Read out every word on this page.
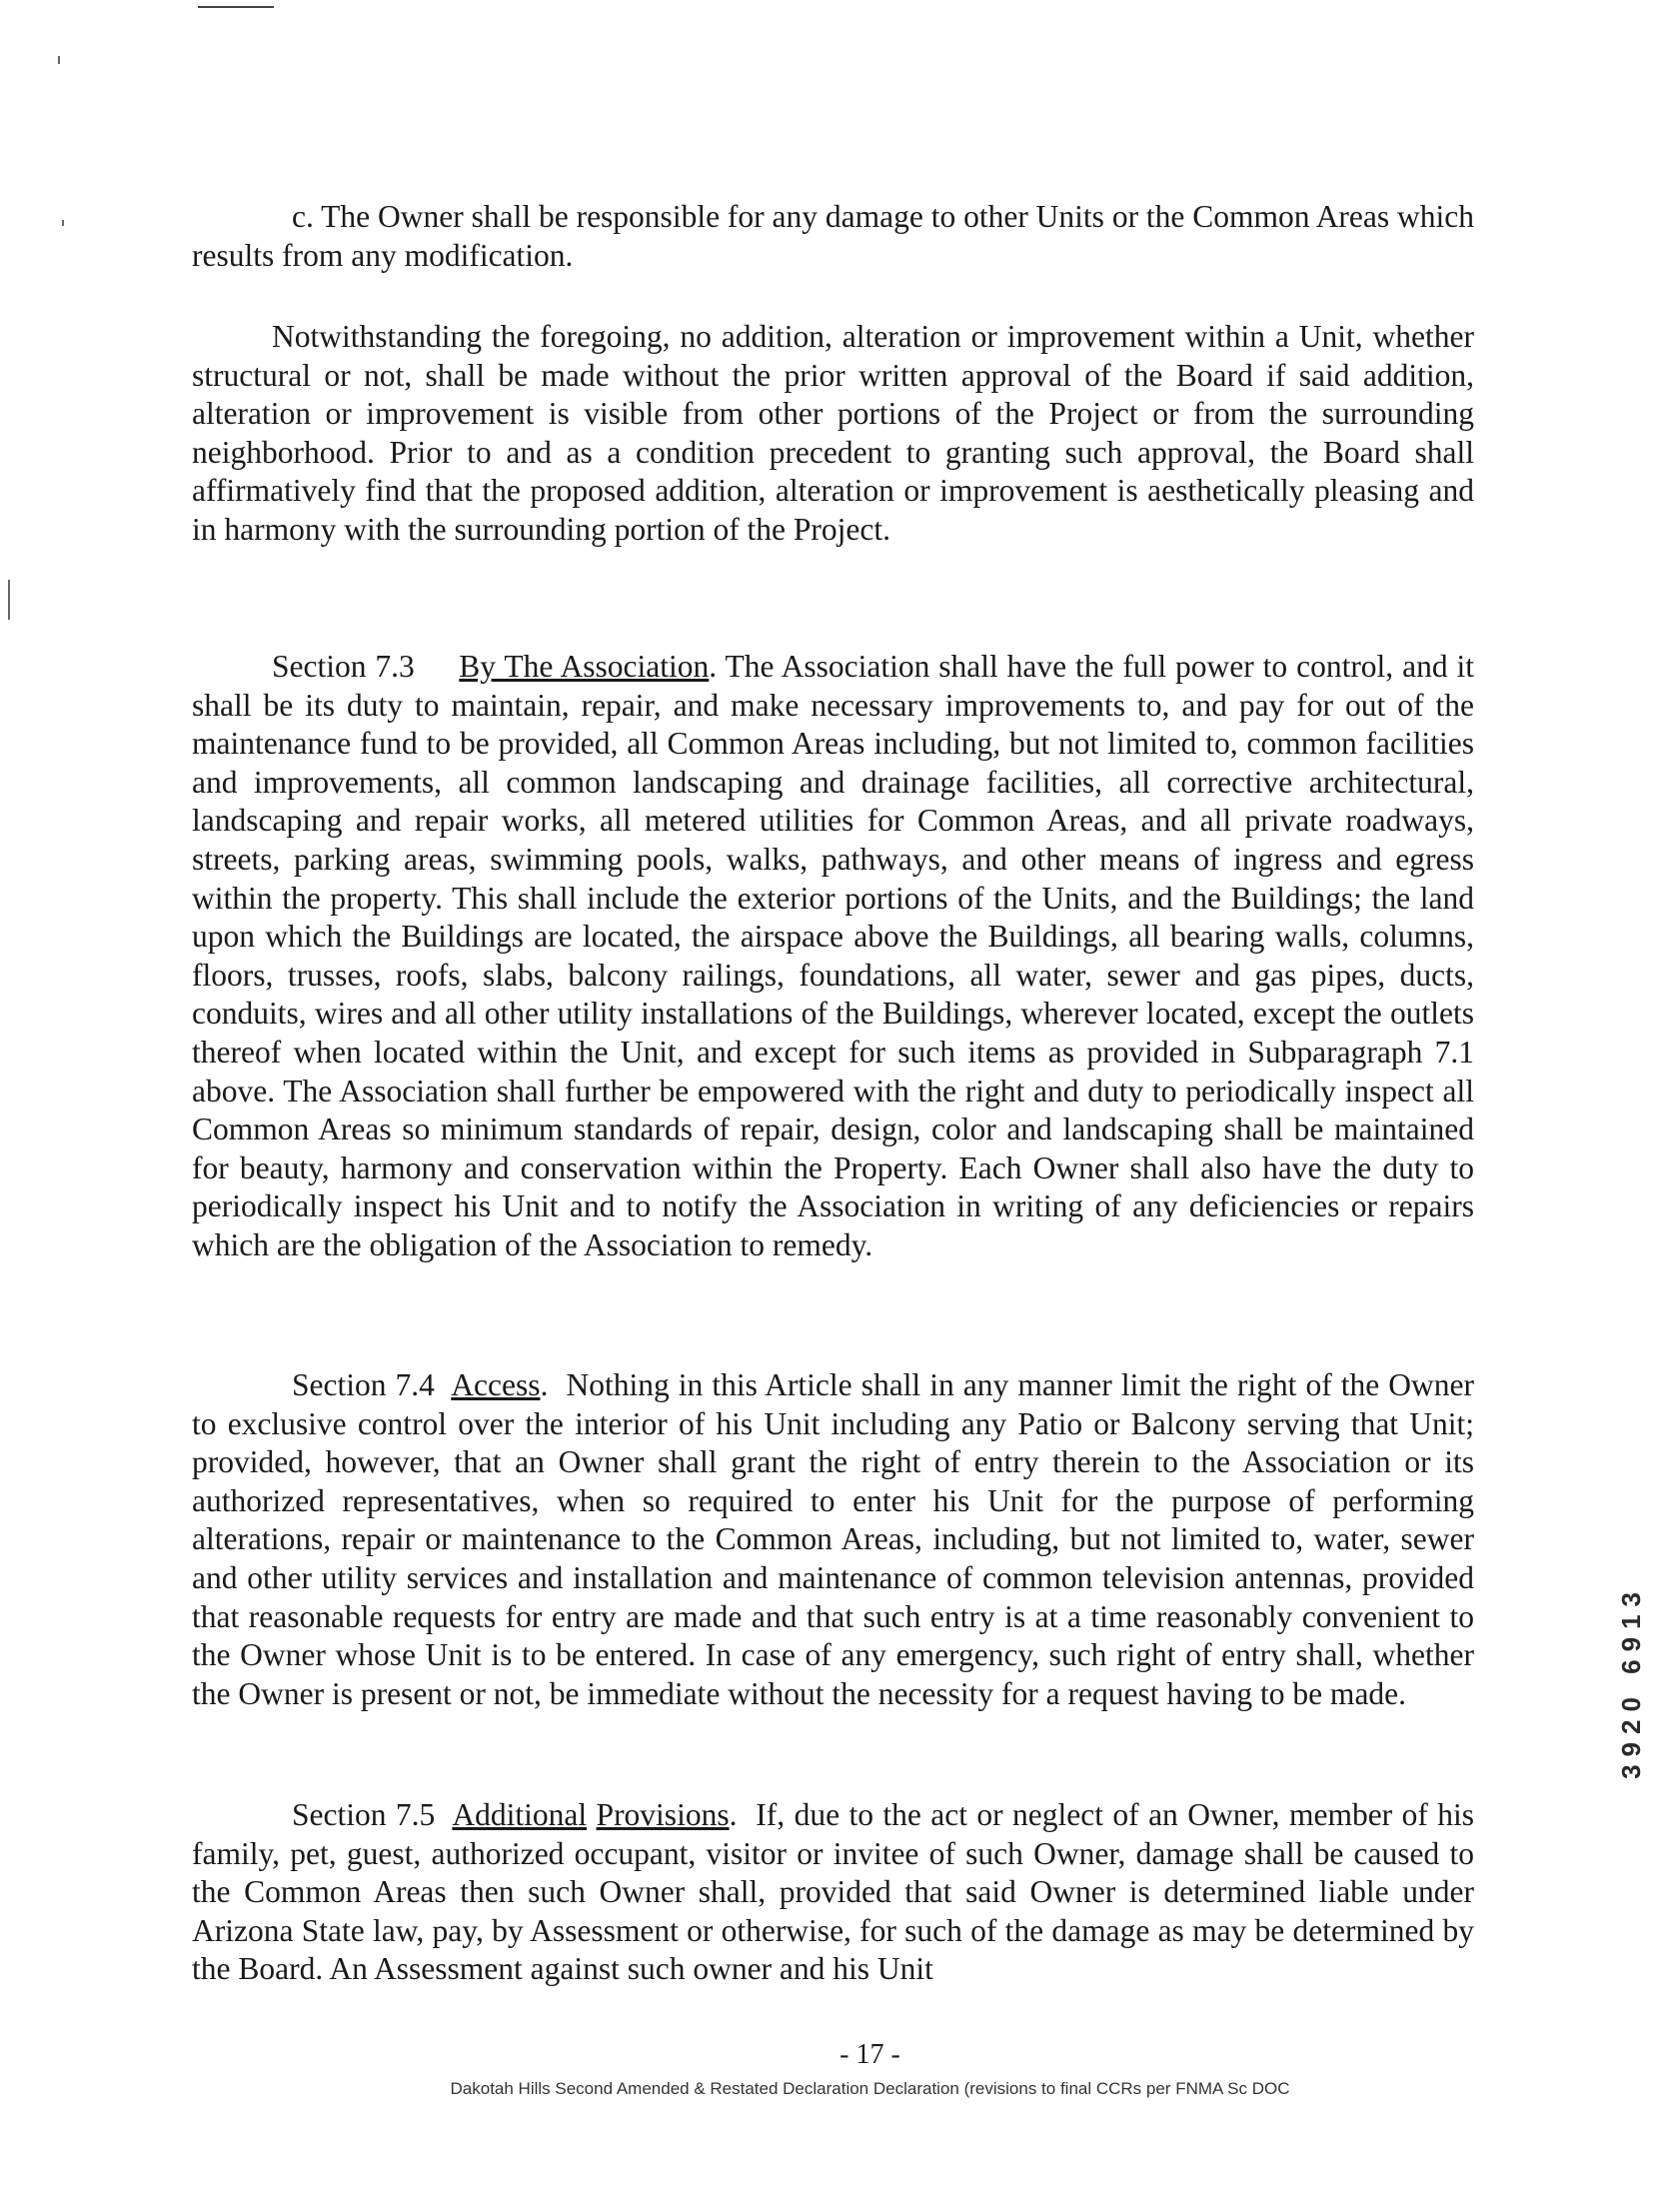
c. The Owner shall be responsible for any damage to other Units or the Common Areas which results from any modification.
Notwithstanding the foregoing, no addition, alteration or improvement within a Unit, whether structural or not, shall be made without the prior written approval of the Board if said addition, alteration or improvement is visible from other portions of the Project or from the surrounding neighborhood. Prior to and as a condition precedent to granting such approval, the Board shall affirmatively find that the proposed addition, alteration or improvement is aesthetically pleasing and in harmony with the surrounding portion of the Project.
Section 7.3 By The Association. The Association shall have the full power to control, and it shall be its duty to maintain, repair, and make necessary improvements to, and pay for out of the maintenance fund to be provided, all Common Areas including, but not limited to, common facilities and improvements, all common landscaping and drainage facilities, all corrective architectural, landscaping and repair works, all metered utilities for Common Areas, and all private roadways, streets, parking areas, swimming pools, walks, pathways, and other means of ingress and egress within the property. This shall include the exterior portions of the Units, and the Buildings; the land upon which the Buildings are located, the airspace above the Buildings, all bearing walls, columns, floors, trusses, roofs, slabs, balcony railings, foundations, all water, sewer and gas pipes, ducts, conduits, wires and all other utility installations of the Buildings, wherever located, except the outlets thereof when located within the Unit, and except for such items as provided in Subparagraph 7.1 above. The Association shall further be empowered with the right and duty to periodically inspect all Common Areas so minimum standards of repair, design, color and landscaping shall be maintained for beauty, harmony and conservation within the Property. Each Owner shall also have the duty to periodically inspect his Unit and to notify the Association in writing of any deficiencies or repairs which are the obligation of the Association to remedy.
Section 7.4 Access.  Nothing in this Article shall in any manner limit the right of the Owner to exclusive control over the interior of his Unit including any Patio or Balcony serving that Unit; provided, however, that an Owner shall grant the right of entry therein to the Association or its authorized representatives, when so required to enter his Unit for the purpose of performing alterations, repair or maintenance to the Common Areas, including, but not limited to, water, sewer and other utility services and installation and maintenance of common television antennas, provided that reasonable requests for entry are made and that such entry is at a time reasonably convenient to the Owner whose Unit is to be entered. In case of any emergency, such right of entry shall, whether the Owner is present or not, be immediate without the necessity for a request having to be made.
Section 7.5 Additional Provisions.  If, due to the act or neglect of an Owner, member of his family, pet, guest, authorized occupant, visitor or invitee of such Owner, damage shall be caused to the Common Areas then such Owner shall, provided that said Owner is determined liable under Arizona State law, pay, by Assessment or otherwise, for such of the damage as may be determined by the Board. An Assessment against such owner and his Unit
- 17 -
Dakotah Hills Second Amended & Restated Declaration Declaration (revisions to final CCRs per FNMA Sc DOC
3920 6913
